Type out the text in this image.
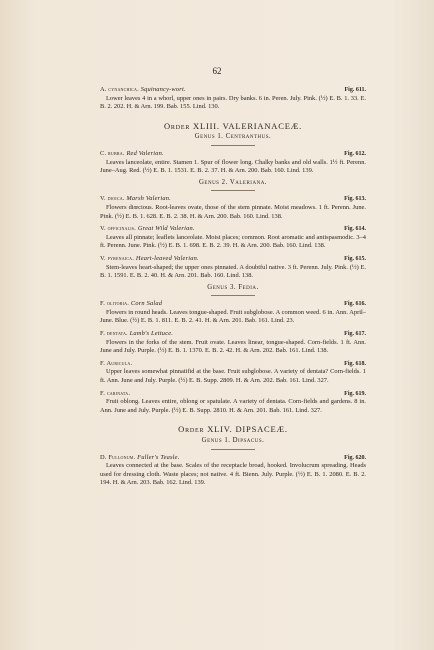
62
A. cynanchica. Squinancy-wort.	Fig. 611.
Lower leaves 4 in a whorl, upper ones in pairs. Dry banks. 6 in. Peren. July. Pink. (½) E. B. 1. 33. E. B. 2. 202. H. & Arn. 199. Bab. 155. Lind. 130.
Order XLIII. VALERIANACEÆ.
Genus 1. Centranthus.
C. rubra. Red Valerian.	Fig. 612.
Leaves lanceolate, entire. Stamen 1. Spur of flower long. Chalky banks and old walls. 1½ ft. Perenn. June–Aug. Red. (½) E. B. 1. 1531. E. B. 2. 37. H. & Arn. 200. Bab. 160. Lind. 139.
Genus 2. Valeriana.
V. dioica. Marsh Valerian.	Fig. 613.
Flowers diœcious. Root-leaves ovate, those of the stem pinnate. Moist meadows. 1 ft. Perenn. June. Pink. (½) E. B. 1. 628. E. B. 2. 38. H. & Arn. 200. Bab. 160. Lind. 138.
V. officinalis. Great Wild Valerian.	Fig. 614.
Leaves all pinnate; leaflets lanceolate. Moist places; common. Root aromatic and antispasmodic. 3–4 ft. Perenn. June. Pink. (½) E. B. 1. 698. E. B. 2. 39. H. & Arn. 200. Bab. 160. Lind. 138.
V. pyrenaica. Heart-leaved Valerian.	Fig. 615.
Stem-leaves heart-shaped; the upper ones pinnated. A doubtful native. 3 ft. Perenn. July. Pink. (½) E. B. 1. 1591. E. B. 2. 40. H. & Arn. 201. Bab. 160. Lind. 138.
Genus 3. Fedia.
F. olitoria. Corn Salad	Fig. 616.
Flowers in round heads. Leaves tongue-shaped. Fruit subglobose. A common weed. 6 in. Ann. April–June. Blue. (½) E. B. 1. 811. E. B. 2. 41. H. & Arn. 201. Bab. 161. Lind. 23.
F. dentata. Lamb's Lettuce.	Fig. 617.
Flowers in the forks of the stem. Fruit ovate. Leaves linear, tongue-shaped. Corn-fields. 1 ft. Ann. June and July. Purple. (½) E. B. 1. 1370. E. B. 2. 42. H. & Arn. 202. Bab. 161. Lind. 138.
F. Auricula.	Fig. 618.
Upper leaves somewhat pinnatifid at the base. Fruit subglobose. A variety of dentata? Corn-fields. 1 ft. Ann. June and July. Purple. (½) E. B. Supp. 2809. H. & Arn. 202. Bab. 161. Lind. 327.
F. carinata.	Fig. 619.
Fruit oblong. Leaves entire, oblong or spatulate. A variety of dentata. Corn-fields and gardens. 8 in. Ann. June and July. Purple. (½) E. B. Supp. 2810. H. & Arn. 201. Bab. 161. Lind. 327.
Order XLIV. DIPSACEÆ.
Genus 1. Dipsacus.
D. Fullonum. Fuller's Teasle.	Fig. 620.
Leaves connected at the base. Scales of the receptacle broad, hooked. Involucrum spreading. Heads used for dressing cloth. Waste places; not native. 4 ft. Bienn. July. Purple. (½) E. B. 1. 2080. E. B. 2. 194. H. & Arn. 203. Bab. 162. Lind. 139.
